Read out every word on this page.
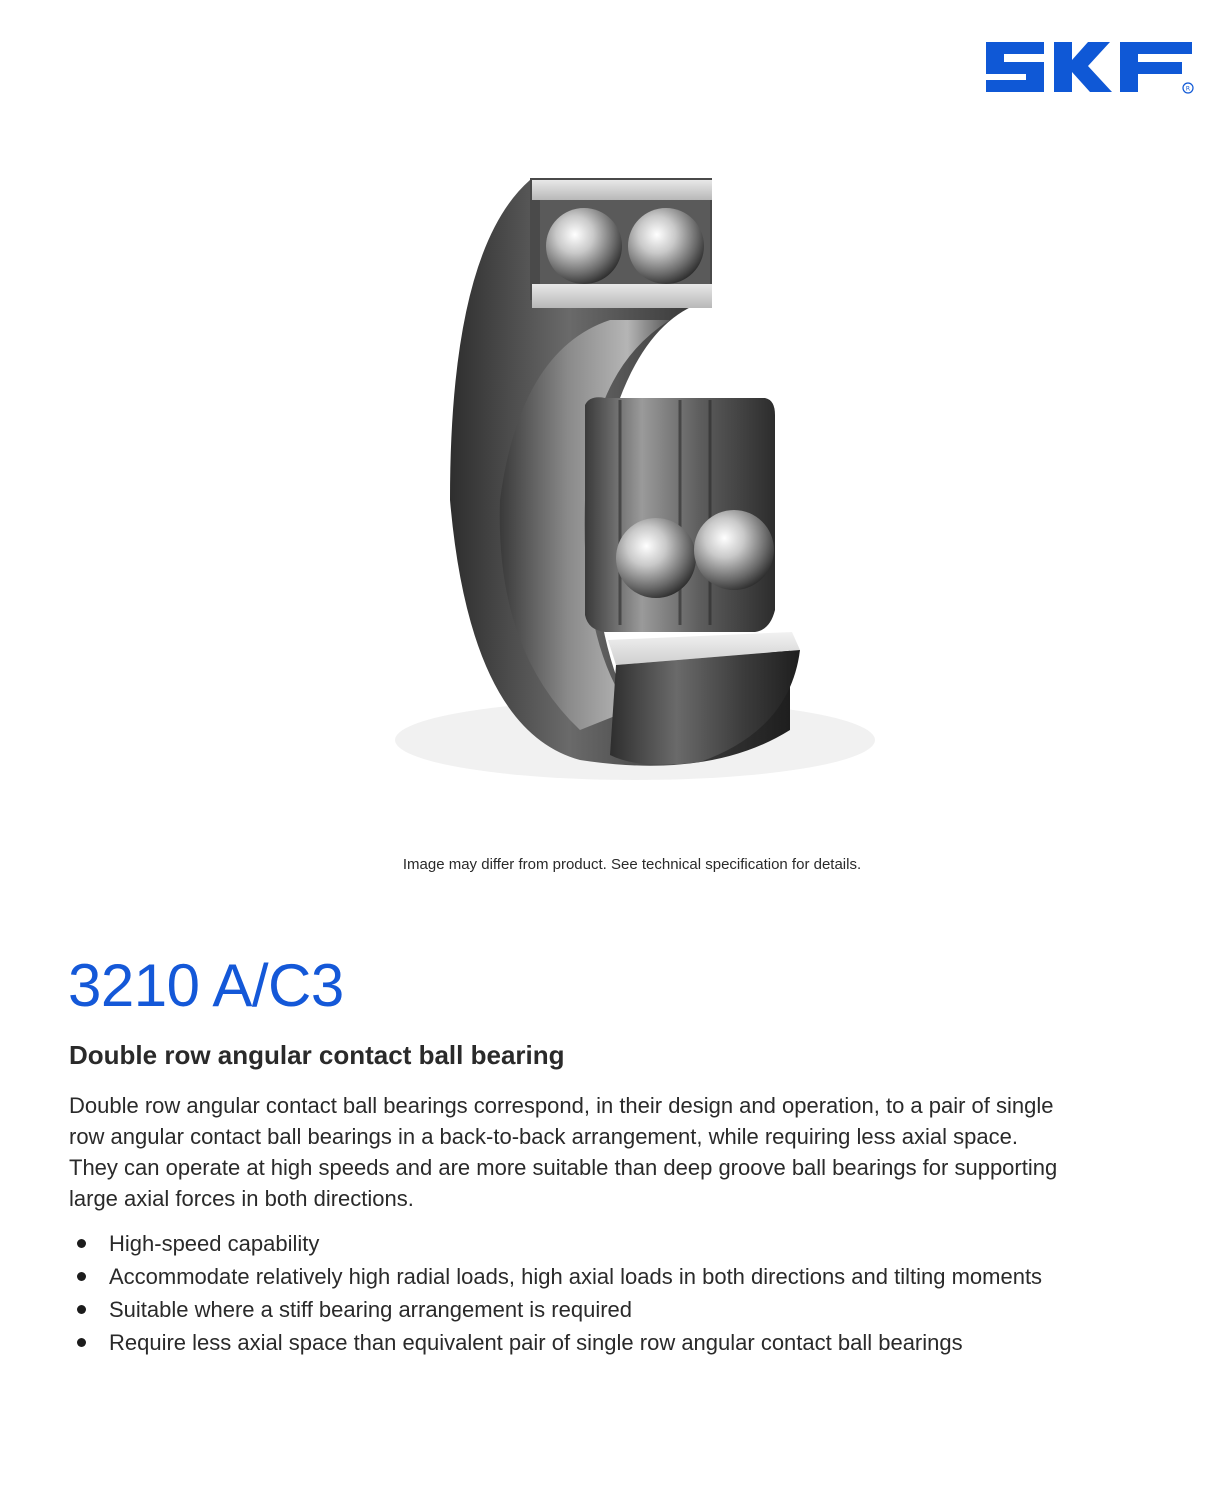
R
Image may differ from product. See technical specification for details.
3210 A/C3
Double row angular contact ball bearing

Double row angular contact ball bearings correspond, in their design and operation, to a pair of single row angular contact ball bearings in a back-to-back arrangement, while requiring less axial space. They can operate at high speeds and are more suitable than deep groove ball bearings for supporting large axial forces in both directions.

High-speed capability
Accommodate relatively high radial loads, high axial loads in both directions and tilting moments
Suitable where a stiff bearing arrangement is required
Require less axial space than equivalent pair of single row angular contact ball bearings
